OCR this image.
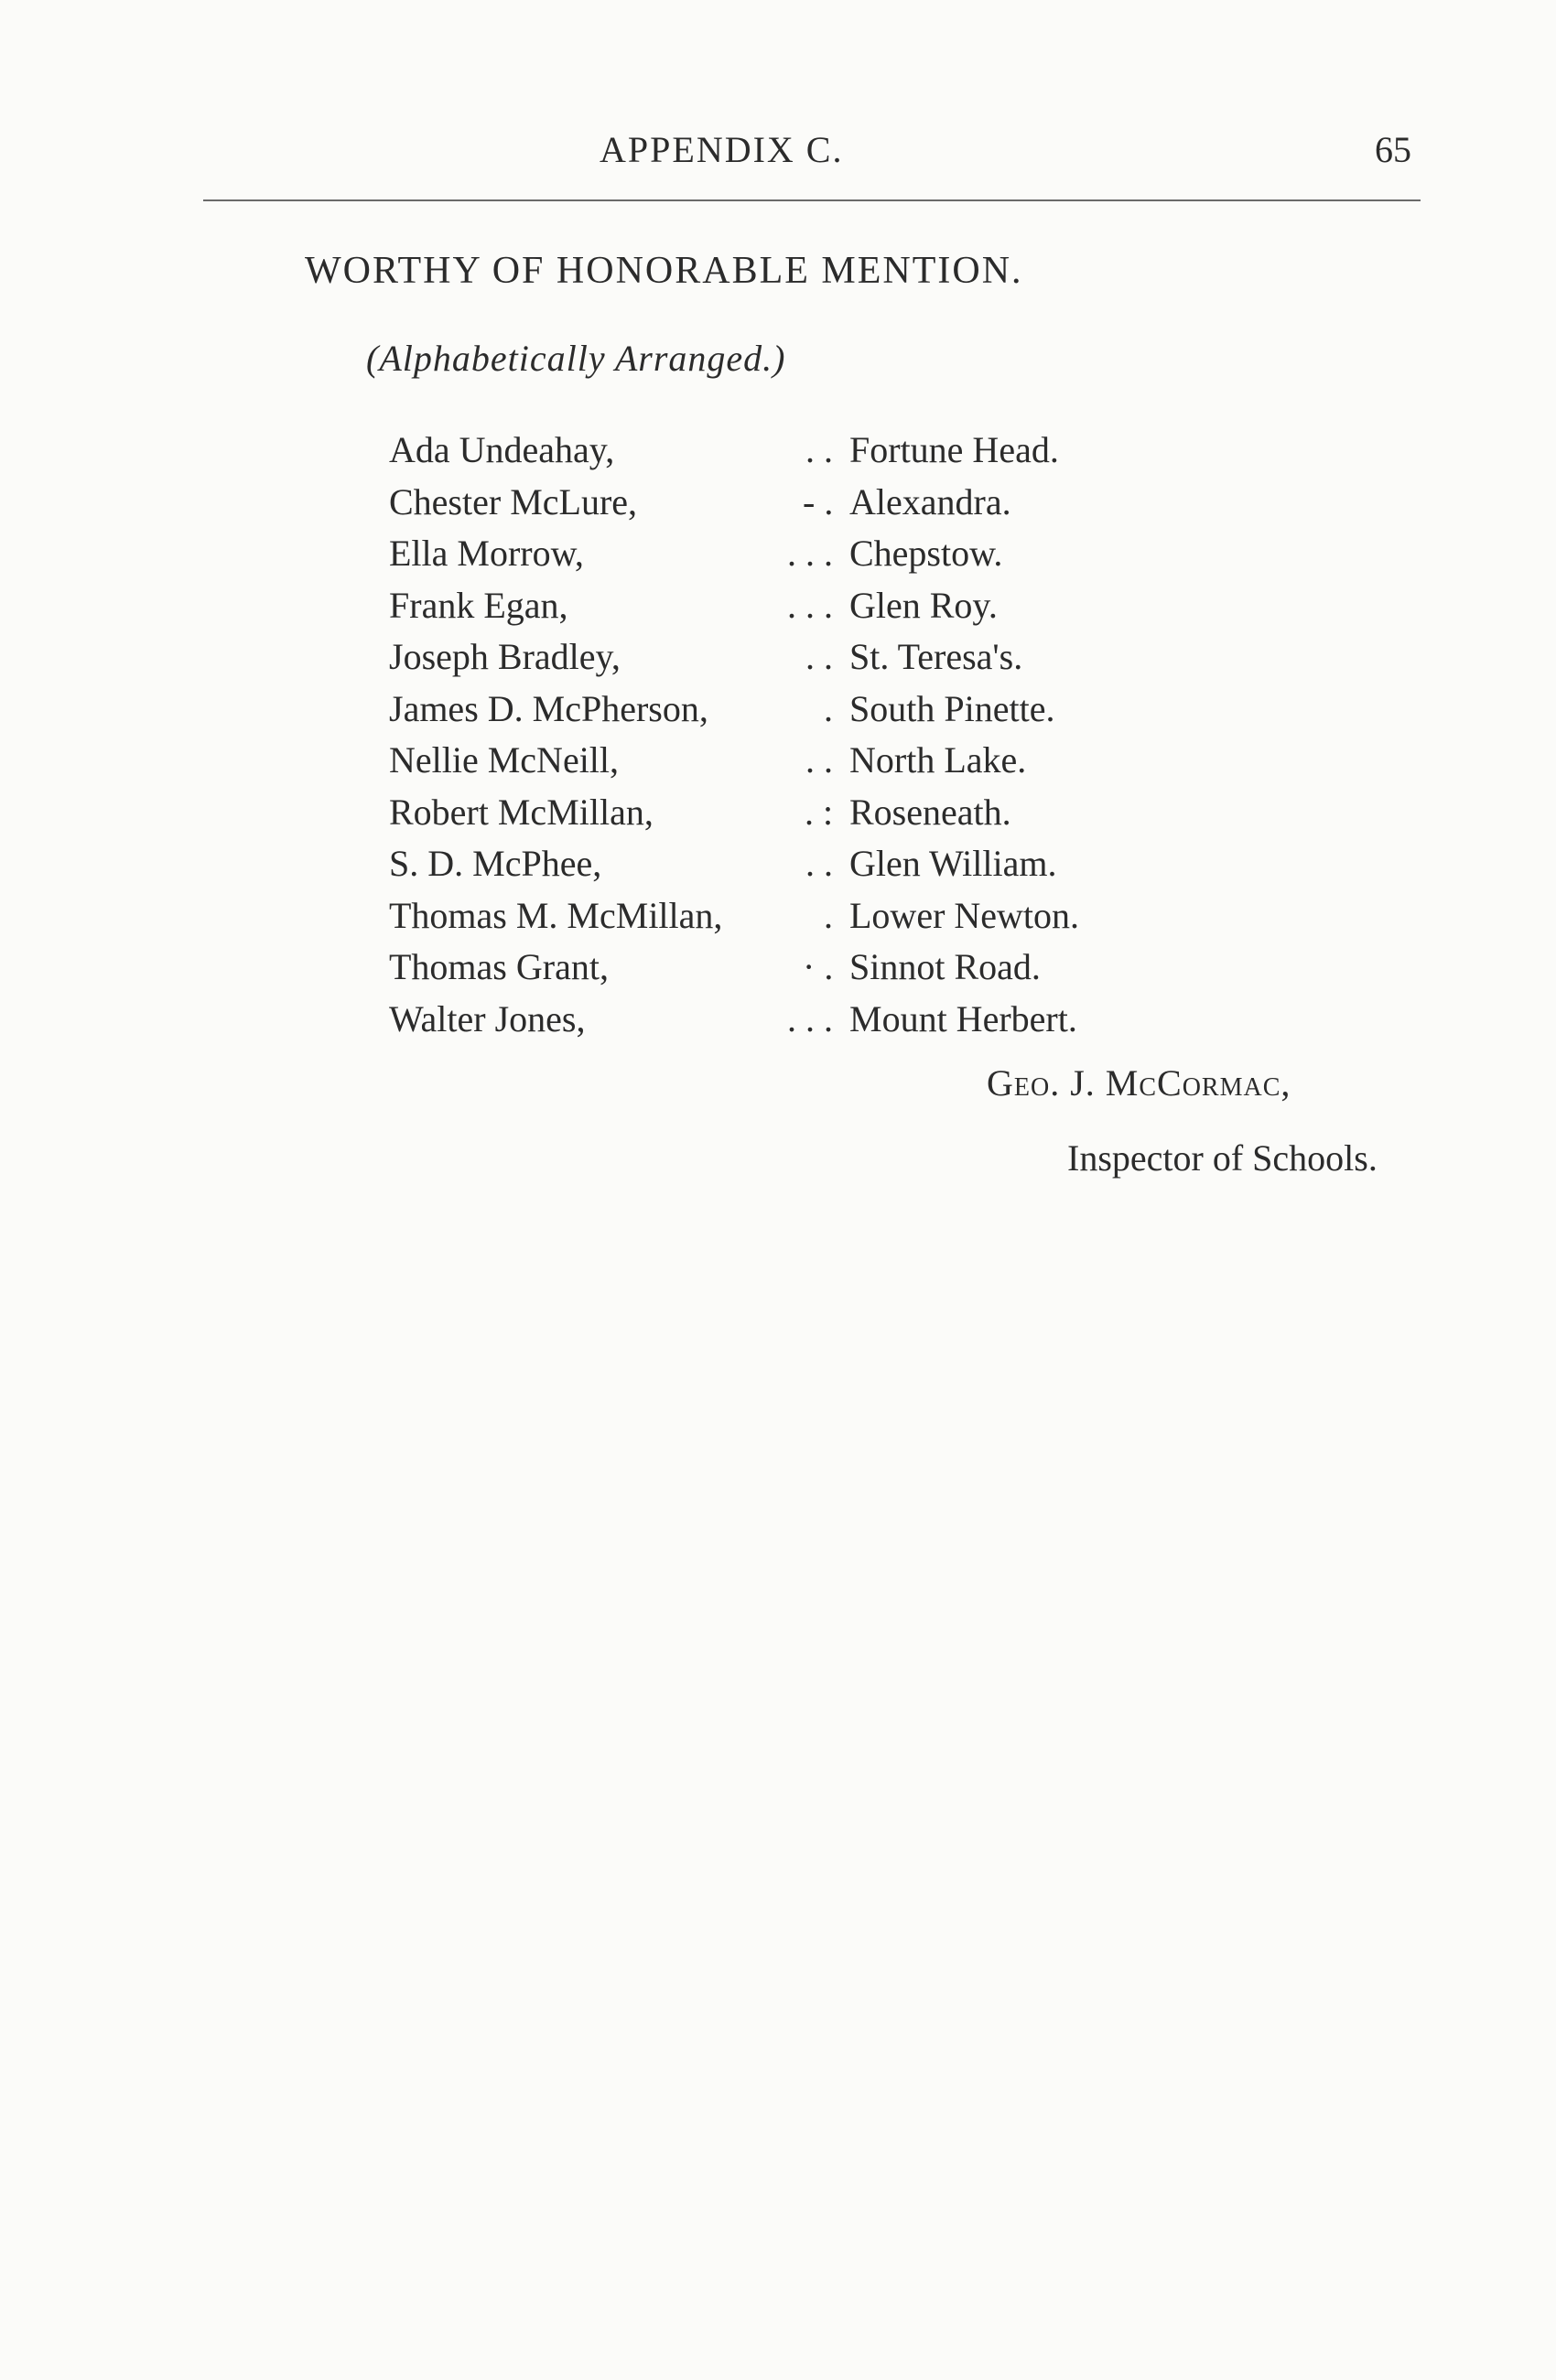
APPENDIX C.	65
WORTHY OF HONORABLE MENTION.
(Alphabetically Arranged.)
Ada Undeahay,	Fortune Head.
. .
Chester McLure,	Alexandra.
- .
Ella Morrow,	Chepstow.
. . .
Frank Egan,	Glen Roy.
. . .
Joseph Bradley,	St. Teresa's.
. .
James D. McPherson,	South Pinette.
.
Nellie McNeill,	North Lake.
. .
Robert McMillan,	Roseneath.
. :
S. D. McPhee,	Glen William.
. .
Thomas M. McMillan,	Lower Newton.
.
Thomas Grant,	Sinnot Road.
· .
Walter Jones,	Mount Herbert.
. . .
Geo. J. McCormac,
Inspector of Schools.
